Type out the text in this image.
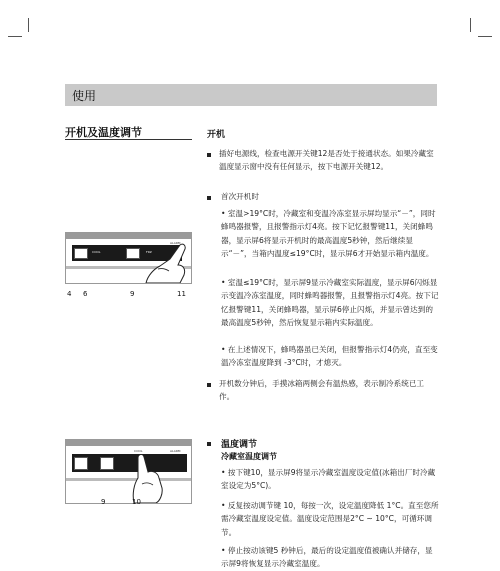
使用
开机及温度调节
COOL	FRZ
ALARM
4 6	9	11
COOL	ALARM
9	10
开机
插好电源线，检查电源开关键12是否处于接通状态。如果冷藏室温度显示窗中没有任何显示，按下电源开关键12。
首次开机时
• 室温>19°C时，冷藏室和变温冷冻室显示屏均显示“－”，同时蜂鸣器报警，且报警指示灯4亮。按下记忆报警键11，关闭蜂鸣器，显示屏6将显示开机时的最高温度5秒钟，然后继续显示“－”，当箱内温度≤19°C时，显示屏6才开始显示箱内温度。
• 室温≤19°C时，显示屏9显示冷藏室实际温度，显示屏6闪烁显示变温冷冻室温度，同时蜂鸣器报警，且报警指示灯4亮。按下记忆报警键11，关闭蜂鸣器，显示屏6停止闪烁，并显示曾达到的最高温度5秒钟，然后恢复显示箱内实际温度。
• 在上述情况下，蜂鸣器虽已关闭，但报警指示灯4仍亮，直至变温冷冻室温度降到 -3°C时，才熄灭。
开机数分钟后，手摸冰箱两侧会有温热感，表示制冷系统已工作。
温度调节
冷藏室温度调节
• 按下键10，显示屏9将显示冷藏室温度设定值(冰箱出厂时冷藏室设定为5°C)。
• 反复按动调节键 10，每按一次，设定温度降低 1°C。直至您所需冷藏室温度设定值。温度设定范围是2°C ~ 10°C，可循环调节。
• 停止按动该键5 秒钟后，最后的设定温度值被确认并储存，显示屏9将恢复显示冷藏室温度。
